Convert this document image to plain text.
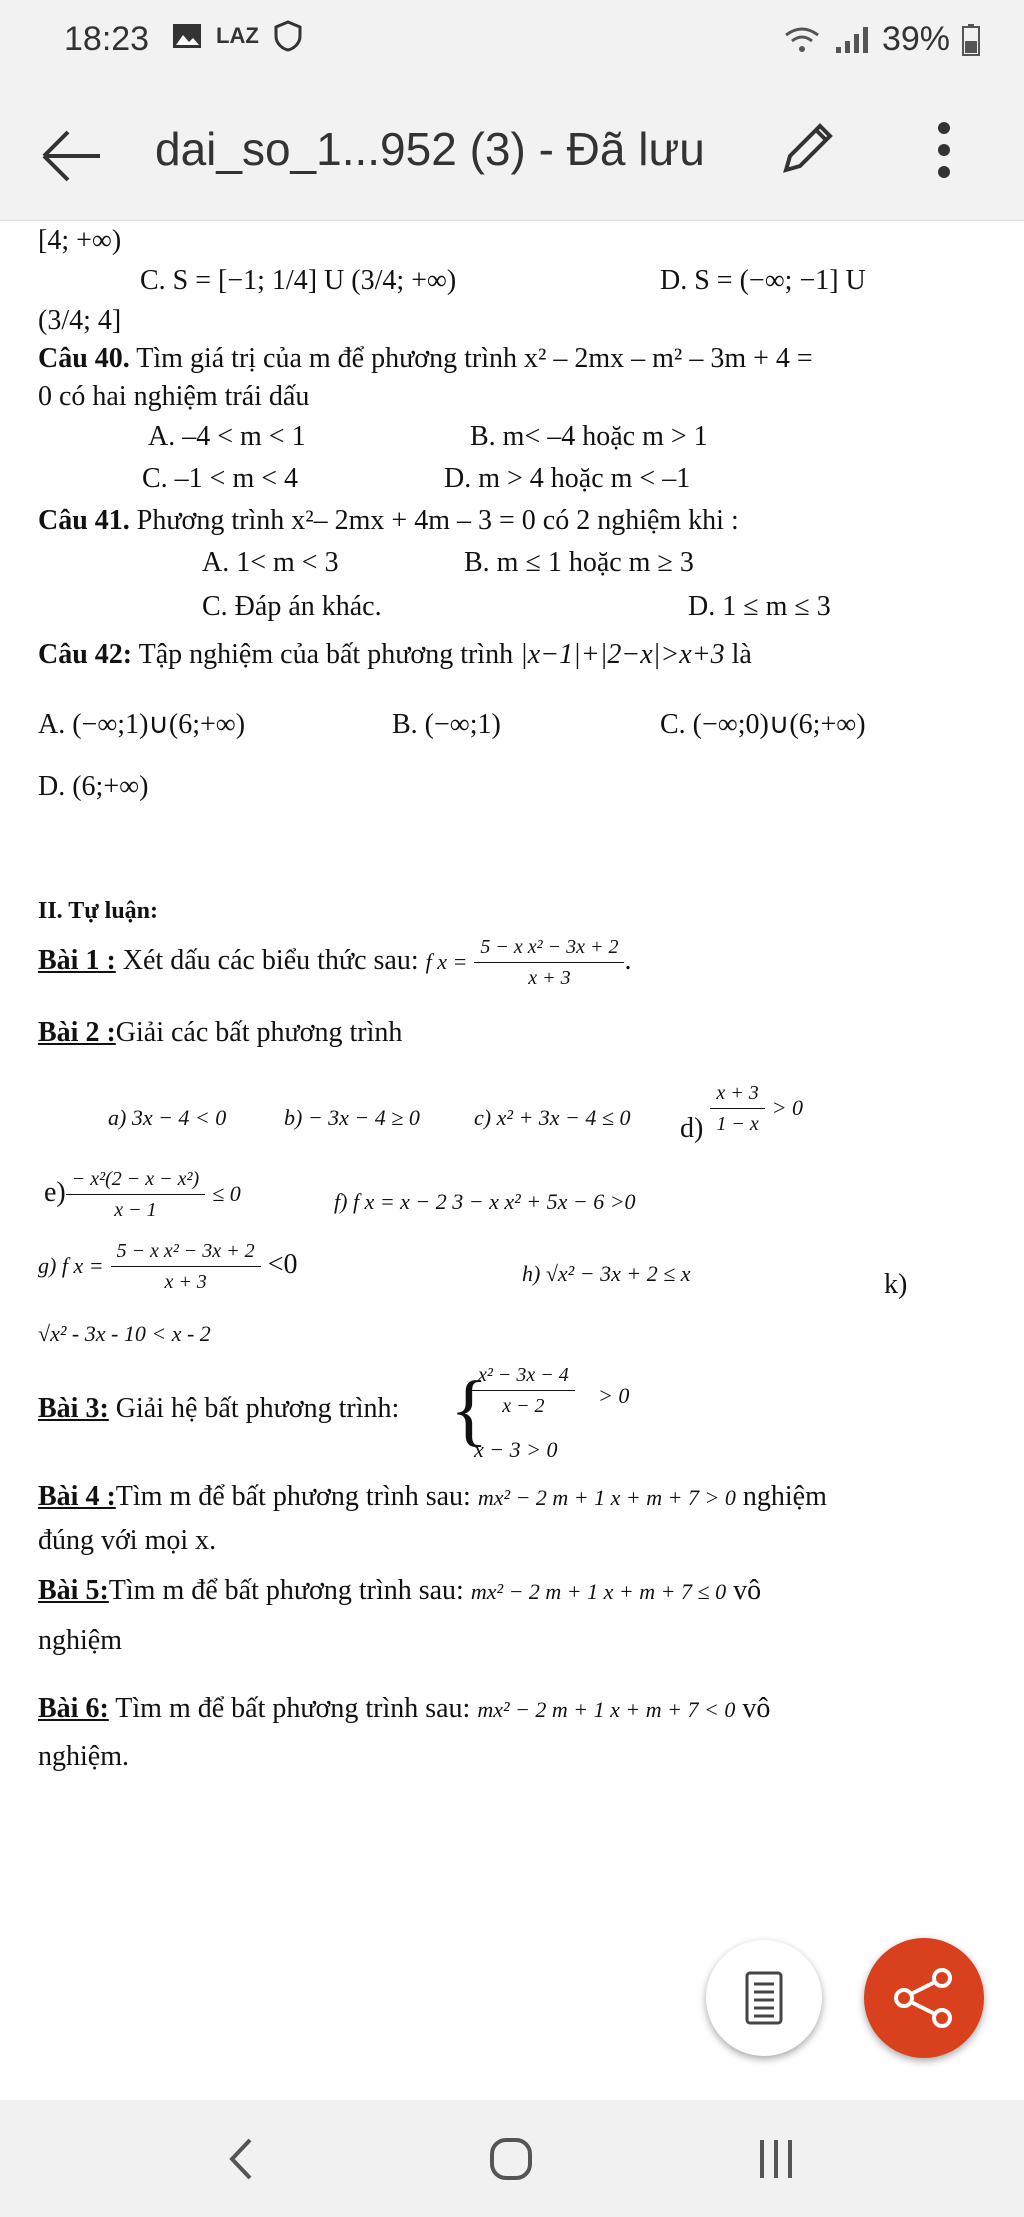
18:23	LAZ	39%
dai_so_1...952 (3) - Đã lưu
[4; +∞)
C. S = [−1; 1/4] U (3/4; +∞)	D. S = (−∞; −1] U
(3/4; 4]
Câu 40. Tìm giá trị của m để phương trình x² – 2mx – m² – 3m + 4 =
0 có hai nghiệm trái dấu
A. –4 < m < 1	B. m< –4 hoặc m > 1
C. –1 < m < 4	D. m > 4 hoặc m < –1
Câu 41. Phương trình x²– 2mx + 4m – 3 = 0 có 2 nghiệm khi :
A. 1< m < 3	B. m ≤ 1 hoặc m ≥ 3
C. Đáp án khác.	D. 1 ≤ m ≤ 3
Câu 42: Tập nghiệm của bất phương trình |x−1|+|2−x|>x+3 là
A. (−∞;1)∪(6;+∞)	B. (−∞;1)	C. (−∞;0)∪(6;+∞)
D. (6;+∞)
II. Tự luận:
Bài 1 : Xét dấu các biểu thức sau: f $x = \frac{\text{5 − x x² − 3x + 2}}{x + 3}$ .
Bài 2 :Giải các bất phương trình
a) 3x − 4 < 0	b) − 3x − 4 ≥ 0 c) x² + 3x − 4 ≤ 0 $d) \frac{x + 3}{1 - x} > 0$
$e) \frac{\text{− x²(2 − x − x²)}}{x - 1} \le 0$	f) f x = x − 2 3 − x x² + 5x − 6 >0
g) f $x = \frac{\text{5 − x x² − 3x + 2}}{x + 3} <0$	h) √x² − 3x + 2 ≤ x	k)
√x² - 3x - 10 < x - 2
Bài 3: Giải hệ bất phương trình: {
$\frac{\text{x² − 3x − 4}}{x - 2} > 0$
x − 3 > 0
Bài 4 :Tìm m để bất phương trình sau: mx² − 2 m + 1 x + m + 7 > 0 nghiệm
đúng với mọi x.
Bài 5:Tìm m để bất phương trình sau: mx² − 2 m + 1 x + m + 7 ≤ 0 vô
nghiệm
Bài 6: Tìm m để bất phương trình sau: mx² − 2 m + 1 x + m + 7 < 0 vô
nghiệm.
